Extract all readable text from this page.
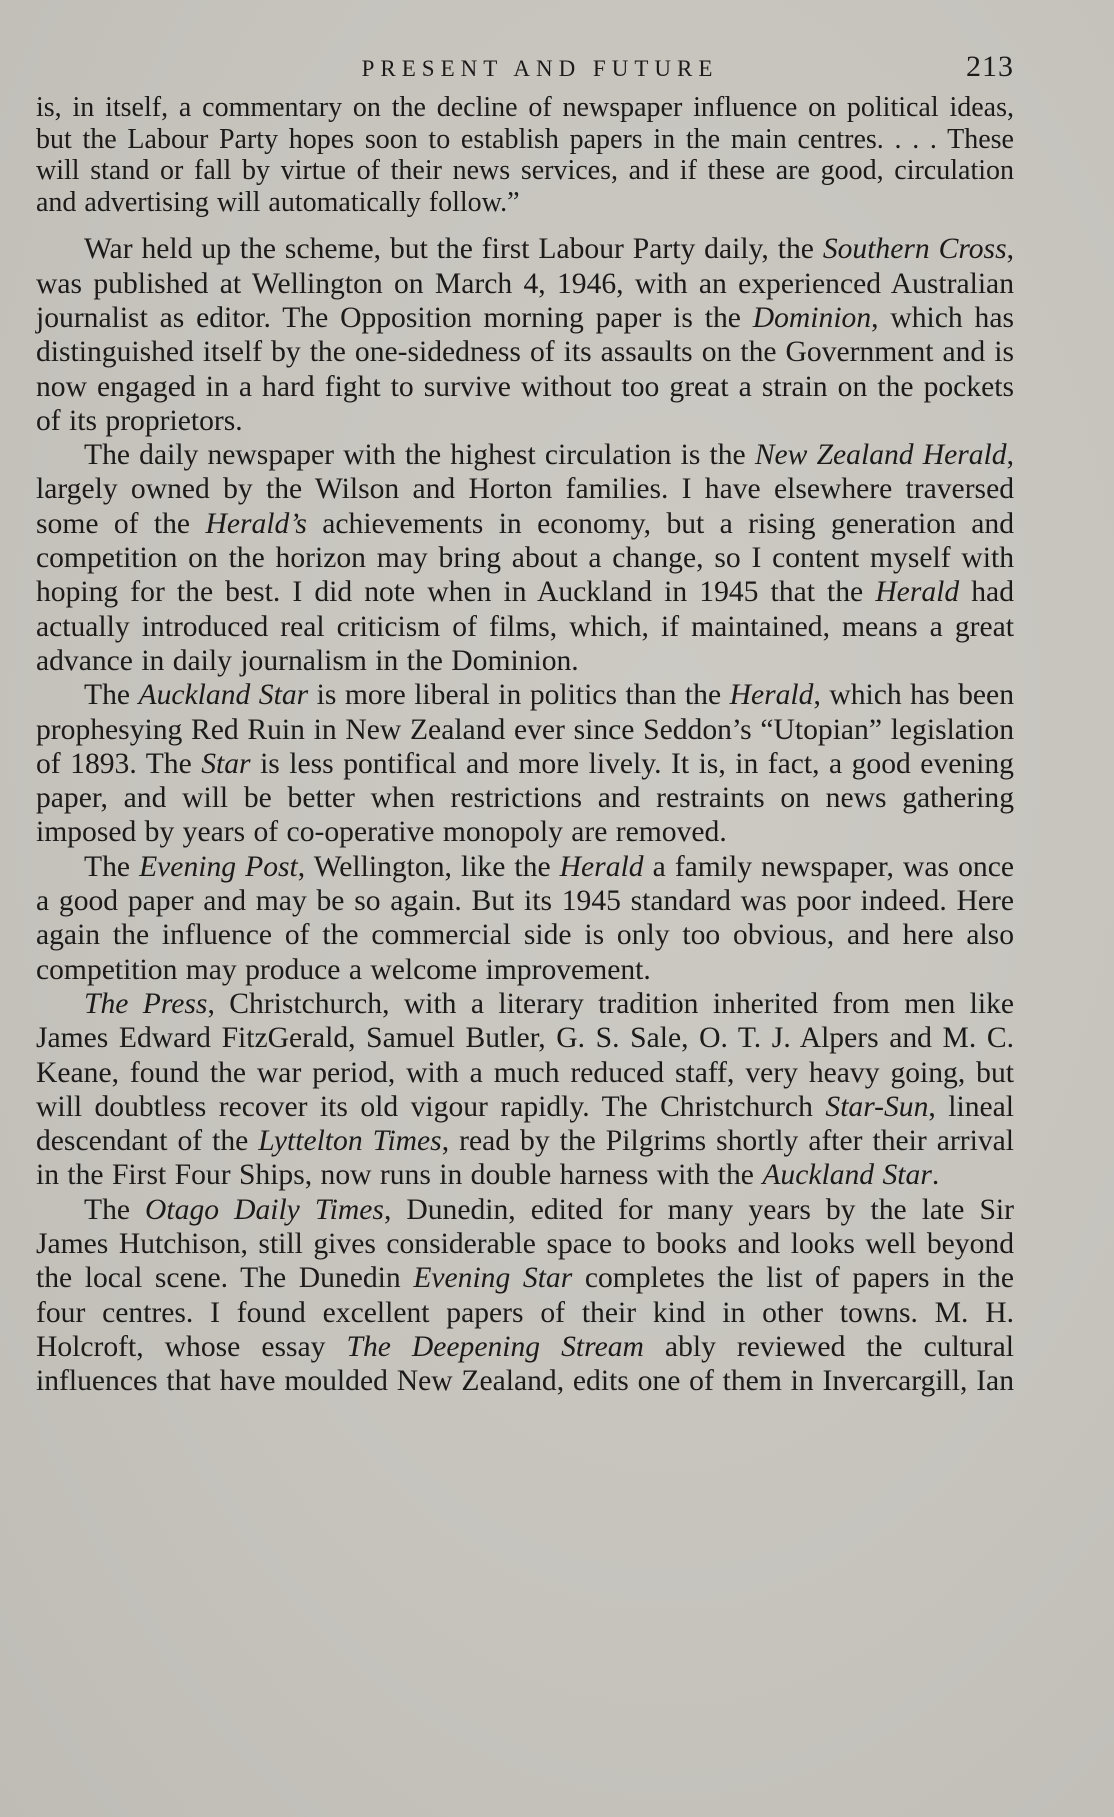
PRESENT AND FUTURE	213

is, in itself, a commentary on the decline of newspaper influence on political ideas, but the Labour Party hopes soon to establish papers in the main centres. . . . These will stand or fall by virtue of their news services, and if these are good, circulation and advertising will automatically follow.”

War held up the scheme, but the first Labour Party daily, the Southern Cross, was published at Wellington on March 4, 1946, with an experienced Australian journalist as editor. The Opposition morning paper is the Dominion, which has distinguished itself by the one-sidedness of its assaults on the Government and is now engaged in a hard fight to survive without too great a strain on the pockets of its proprietors.

The daily newspaper with the highest circulation is the New Zealand Herald, largely owned by the Wilson and Horton families. I have elsewhere traversed some of the Herald’s achievements in economy, but a rising generation and competition on the horizon may bring about a change, so I content myself with hoping for the best. I did note when in Auckland in 1945 that the Herald had actually introduced real criticism of films, which, if maintained, means a great advance in daily journalism in the Dominion.

The Auckland Star is more liberal in politics than the Herald, which has been prophesying Red Ruin in New Zealand ever since Seddon’s “Utopian” legislation of 1893. The Star is less pontifical and more lively. It is, in fact, a good evening paper, and will be better when restrictions and restraints on news gathering imposed by years of co-operative monopoly are removed.

The Evening Post, Wellington, like the Herald a family newspaper, was once a good paper and may be so again. But its 1945 standard was poor indeed. Here again the influence of the commercial side is only too obvious, and here also competition may produce a welcome improvement.

The Press, Christchurch, with a literary tradition inherited from men like James Edward FitzGerald, Samuel Butler, G. S. Sale, O. T. J. Alpers and M. C. Keane, found the war period, with a much reduced staff, very heavy going, but will doubtless recover its old vigour rapidly. The Christchurch Star-Sun, lineal descendant of the Lyttelton Times, read by the Pilgrims shortly after their arrival in the First Four Ships, now runs in double harness with the Auckland Star.

The Otago Daily Times, Dunedin, edited for many years by the late Sir James Hutchison, still gives considerable space to books and looks well beyond the local scene. The Dunedin Evening Star completes the list of papers in the four centres. I found excellent papers of their kind in other towns. M. H. Holcroft, whose essay The Deepening Stream ably reviewed the cultural influences that have moulded New Zealand, edits one of them in Invercargill, Ian
